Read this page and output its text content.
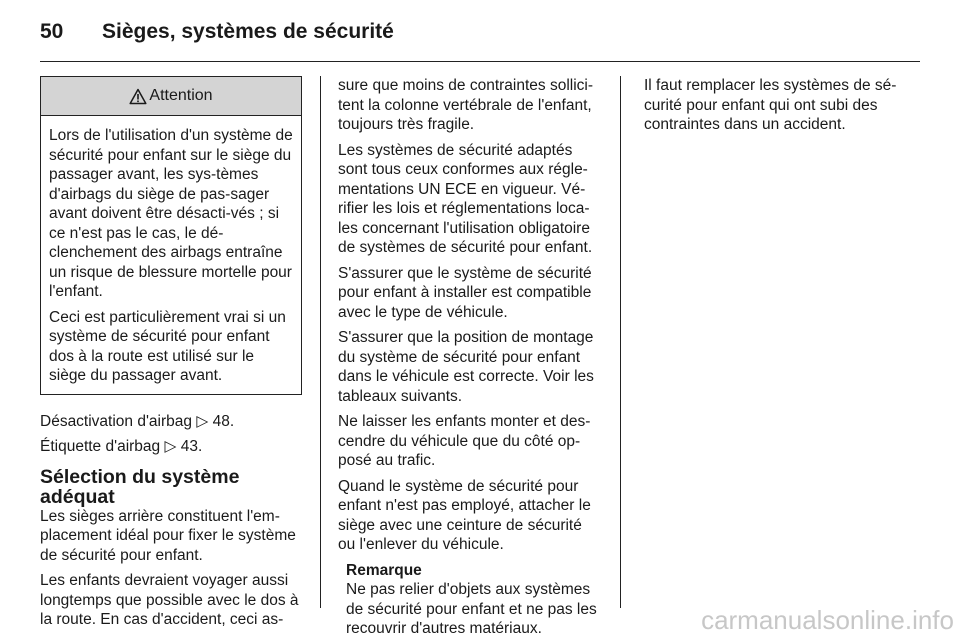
50 Sièges, systèmes de sécurité
Attention

Lors de l'utilisation d'un système de sécurité pour enfant sur le siège du passager avant, les sys-tèmes d'airbags du siège de pas-sager avant doivent être désacti-vés ; si ce n'est pas le cas, le dé-clenchement des airbags entraîne un risque de blessure mortelle pour l'enfant.

Ceci est particulièrement vrai si un système de sécurité pour enfant dos à la route est utilisé sur le siège du passager avant.

Désactivation d'airbag ▷ 48.

Étiquette d'airbag ▷ 43.

Sélection du système adéquat

Les sièges arrière constituent l'em-placement idéal pour fixer le système de sécurité pour enfant.

Les enfants devraient voyager aussi longtemps que possible avec le dos à la route. En cas d'accident, ceci as-

sure que moins de contraintes sollici-tent la colonne vertébrale de l'enfant, toujours très fragile.

Les systèmes de sécurité adaptés sont tous ceux conformes aux régle-mentations UN ECE en vigueur. Vé-rifier les lois et réglementations loca-les concernant l'utilisation obligatoire de systèmes de sécurité pour enfant.

S'assurer que le système de sécurité pour enfant à installer est compatible avec le type de véhicule.

S'assurer que la position de montage du système de sécurité pour enfant dans le véhicule est correcte. Voir les tableaux suivants.

Ne laisser les enfants monter et des-cendre du véhicule que du côté op-posé au trafic.

Quand le système de sécurité pour enfant n'est pas employé, attacher le siège avec une ceinture de sécurité ou l'enlever du véhicule.

Remarque
Ne pas relier d'objets aux systèmes de sécurité pour enfant et ne pas les recouvrir d'autres matériaux.

Il faut remplacer les systèmes de sé-curité pour enfant qui ont subi des contraintes dans un accident.

carmanualsonline.info
